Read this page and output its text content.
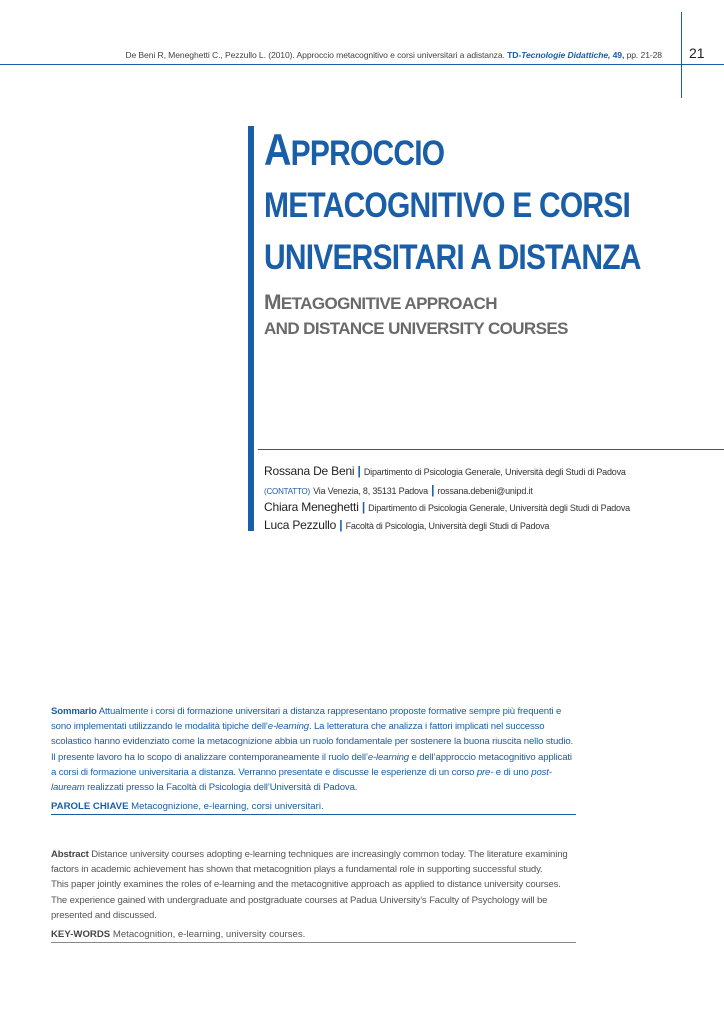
De Beni R, Meneghetti C., Pezzullo L. (2010). Approccio metacognitivo e corsi universitari a adistanza. TD-Tecnologie Didattiche, 49, pp. 21-28 21
APPROCCIO
METACOGNITIVO E CORSI
UNIVERSITARI A DISTANZA
METAGOGNITIVE APPROACH
AND DISTANCE UNIVERSITY COURSES
Rossana De Beni | Dipartimento di Psicologia Generale, Università degli Studi di Padova
(CONTATTO) Via Venezia, 8, 35131 Padova | rossana.debeni@unipd.it
Chiara Meneghetti | Dipartimento di Psicologia Generale, Università degli Studi di Padova
Luca Pezzullo | Facoltà di Psicologia, Università degli Studi di Padova
Sommario Attualmente i corsi di formazione universitari a distanza rappresentano proposte formative sempre più frequenti e sono implementati utilizzando le modalità tipiche dell’e-learning. La letteratura che analizza i fattori implicati nel successo scolastico hanno evidenziato come la metacognizione abbia un ruolo fondamentale per sostenere la buona riuscita nello studio. Il presente lavoro ha lo scopo di analizzare contemporaneamente il ruolo dell’e-learning e dell’approccio metacognitivo applicati a corsi di formazione universitaria a distanza. Verranno presentate e discusse le esperienze di un corso pre- e di uno post- lauream realizzati presso la Facoltà di Psicologia dell’Università di Padova.
PAROLE CHIAVE Metacognizione, e-learning, corsi universitari.
Abstract Distance university courses adopting e-learning techniques are increasingly common today. The literature examining factors in academic achievement has shown that metacognition plays a fundamental role in supporting successful study.
This paper jointly examines the roles of e-learning and the metacognitive approach as applied to distance university courses.
The experience gained with undergraduate and postgraduate courses at Padua University’s Faculty of Psychology will be presented and discussed.
KEY-WORDS Metacognition, e-learning, university courses.
